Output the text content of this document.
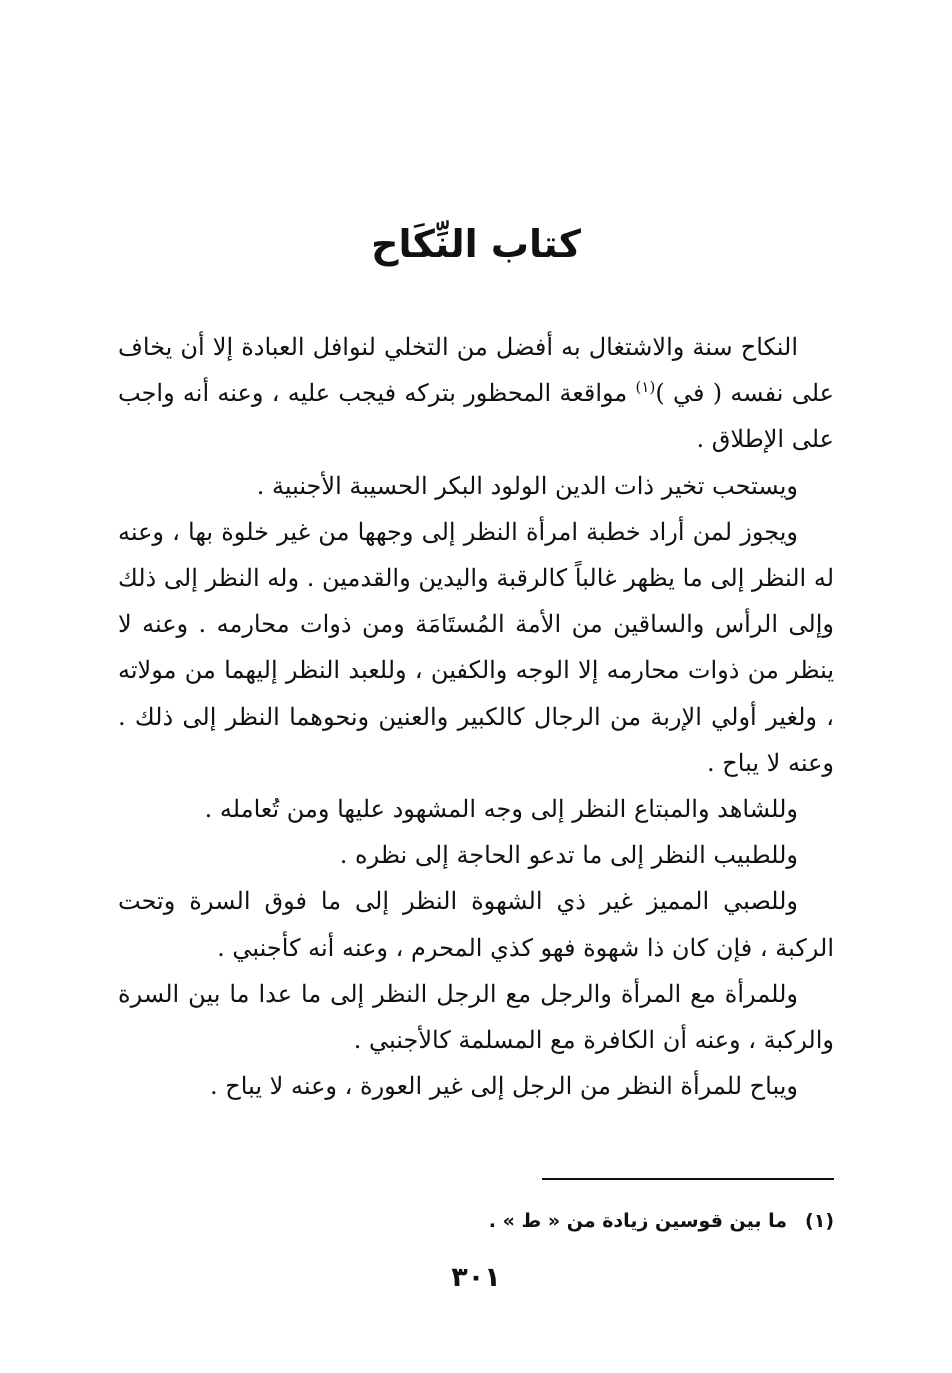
كتاب النِّكَاح

النكاح سنة والاشتغال به أفضل من التخلي لنوافل العبادة إلا أن يخاف على نفسه ( في )$^{(١)}$ مواقعة المحظور بتركه فيجب عليه ، وعنه أنه واجب على الإطلاق .

ويستحب تخير ذات الدين الولود البكر الحسيبة الأجنبية .

ويجوز لمن أراد خطبة امرأة النظر إلى وجهها من غير خلوة بها ، وعنه له النظر إلى ما يظهر غالباً كالرقبة واليدين والقدمين . وله النظر إلى ذلك وإلى الرأس والساقين من الأمة المُستَامَة ومن ذوات محارمه . وعنه لا ينظر من ذوات محارمه إلا الوجه والكفين ، وللعبد النظر إليهما من مولاته ، ولغير أولي الإربة من الرجال كالكبير والعنين ونحوهما النظر إلى ذلك . وعنه لا يباح .

وللشاهد والمبتاع النظر إلى وجه المشهود عليها ومن تُعامله .

وللطبيب النظر إلى ما تدعو الحاجة إلى نظره .

وللصبي المميز غير ذي الشهوة النظر إلى ما فوق السرة وتحت الركبة ، فإن كان ذا شهوة فهو كذي المحرم ، وعنه أنه كأجنبي .

وللمرأة مع المرأة والرجل مع الرجل النظر إلى ما عدا ما بين السرة والركبة ، وعنه أن الكافرة مع المسلمة كالأجنبي .

ويباح للمرأة النظر من الرجل إلى غير العورة ، وعنه لا يباح .

(١)ما بين قوسين زيادة من « ط » .
٣٠١
